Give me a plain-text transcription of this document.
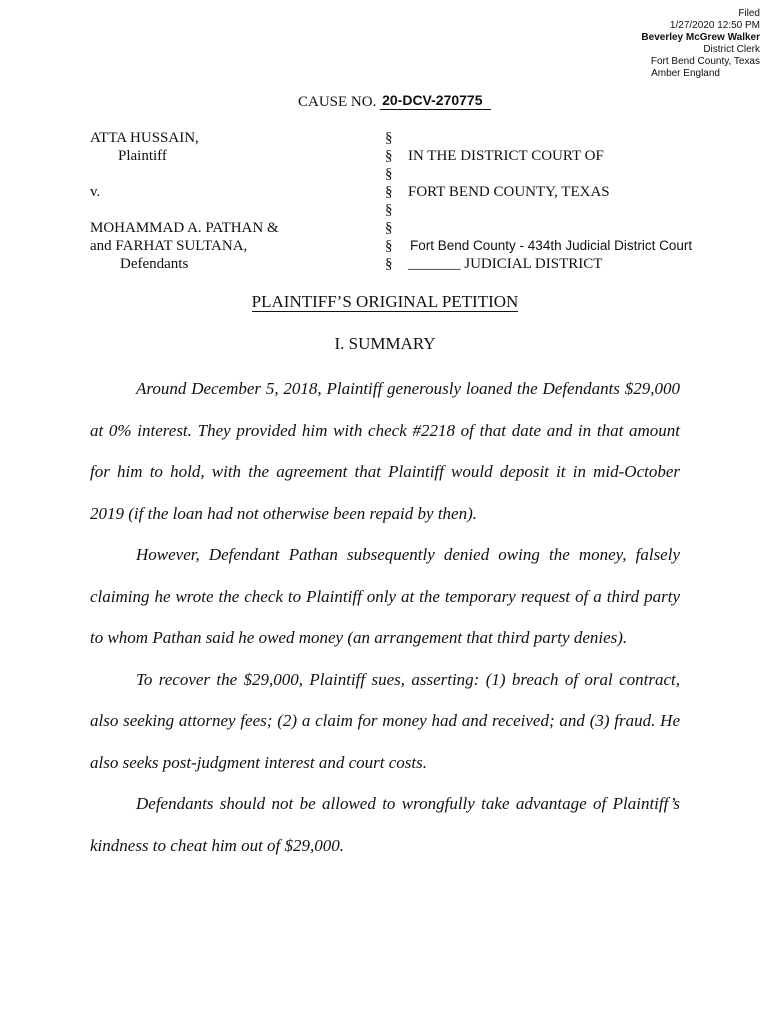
Filed
1/27/2020 12:50 PM
Beverley McGrew Walker
District Clerk
Fort Bend County, Texas
Amber England
CAUSE NO. 20-DCV-270775
ATTA HUSSAIN,
Plaintiff

v.

MOHAMMAD A. PATHAN &
and FARHAT SULTANA,
Defendants
§
§
§
§
§
§
§
§

IN THE DISTRICT COURT OF

FORT BEND COUNTY, TEXAS

Fort Bend County - 434th Judicial District Court
_______ JUDICIAL DISTRICT
PLAINTIFF’S ORIGINAL PETITION
I. SUMMARY

Around December 5, 2018, Plaintiff generously loaned the Defendants $29,000 at 0% interest. They provided him with check #2218 of that date and in that amount for him to hold, with the agreement that Plaintiff would deposit it in mid-October 2019 (if the loan had not otherwise been repaid by then).

However, Defendant Pathan subsequently denied owing the money, falsely claiming he wrote the check to Plaintiff only at the temporary request of a third party to whom Pathan said he owed money (an arrangement that third party denies).

To recover the $29,000, Plaintiff sues, asserting: (1) breach of oral contract, also seeking attorney fees; (2) a claim for money had and received; and (3) fraud. He also seeks post-judgment interest and court costs.

Defendants should not be allowed to wrongfully take advantage of Plaintiff’s kindness to cheat him out of $29,000.
